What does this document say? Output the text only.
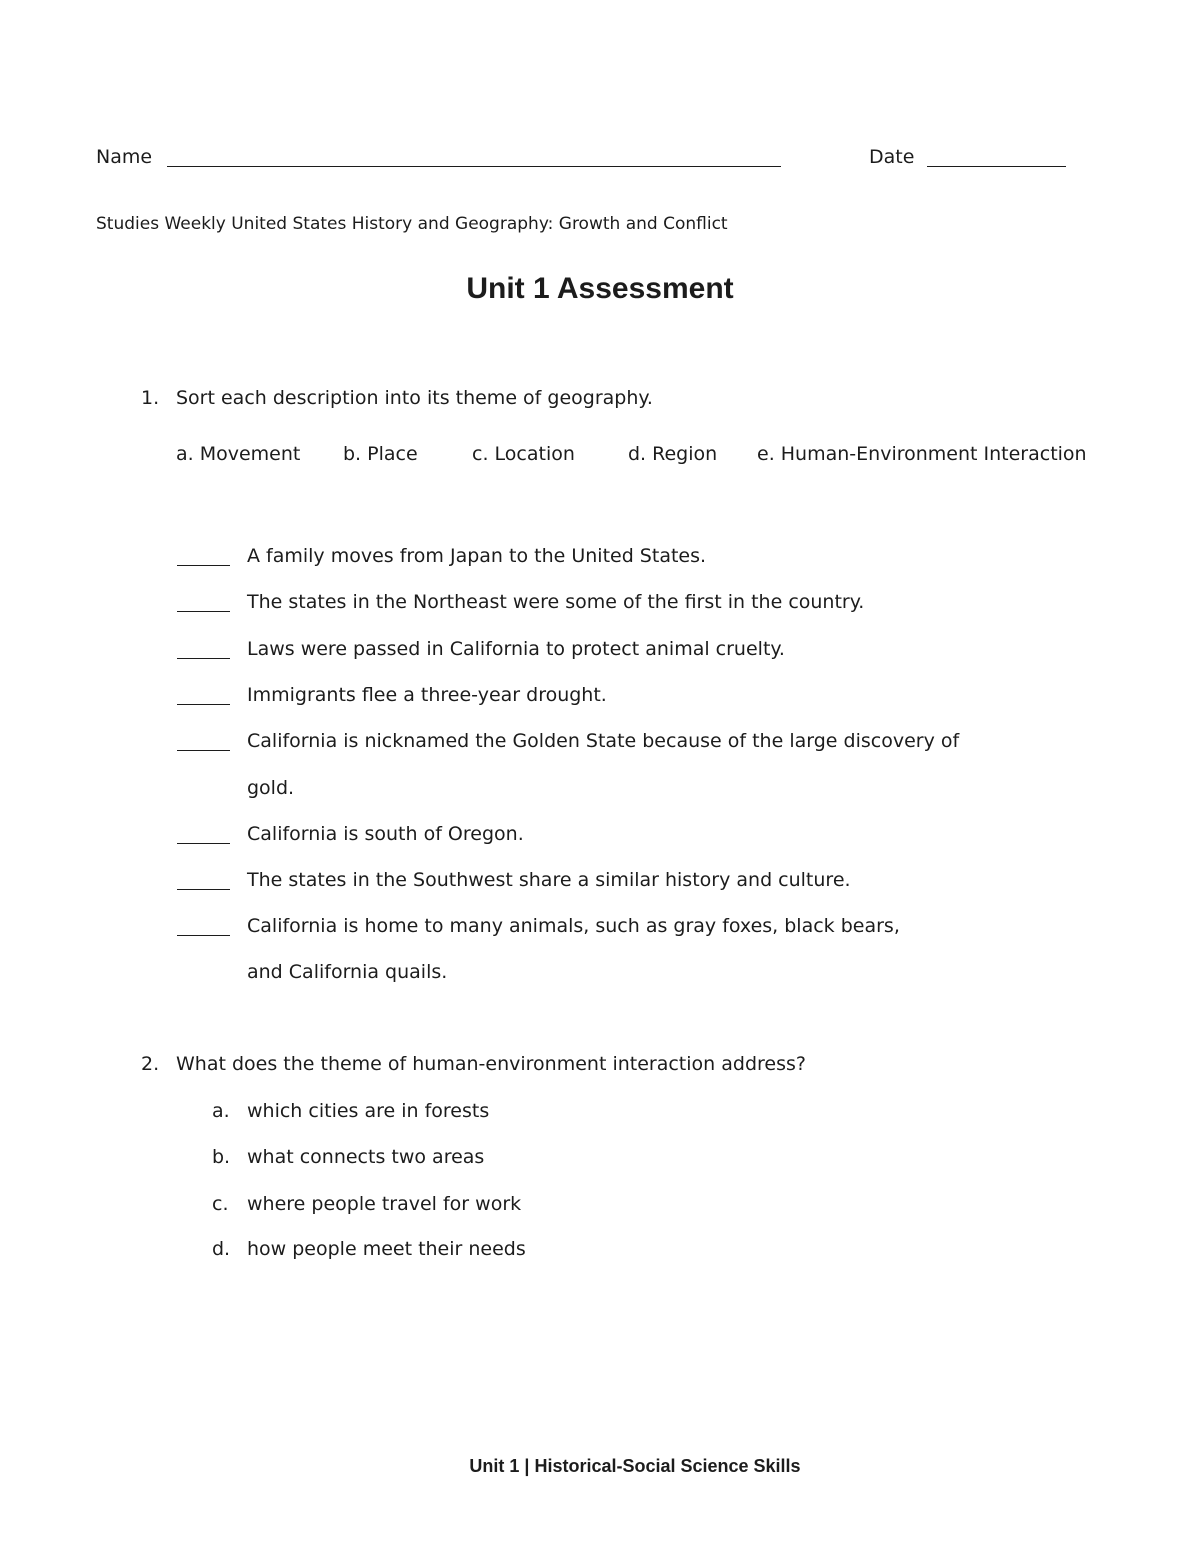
Name	Date
Studies Weekly United States History and Geography: Growth and Conflict
Unit 1 Assessment
1. Sort each description into its theme of geography.
a. Movement b. Place	c. Location	d. Region e. Human-Environment Interaction
A family moves from Japan to the United States.
The states in the Northeast were some of the first in the country.
Laws were passed in California to protect animal cruelty.
Immigrants flee a three-year drought.
California is nicknamed the Golden State because of the large discovery of
gold.
California is south of Oregon.
The states in the Southwest share a similar history and culture.
California is home to many animals, such as gray foxes, black bears,
and California quails.
2. What does the theme of human-environment interaction address?
a. which cities are in forests
b. what connects two areas
c. where people travel for work
d. how people meet their needs
Unit 1 | Historical-Social Science Skills
